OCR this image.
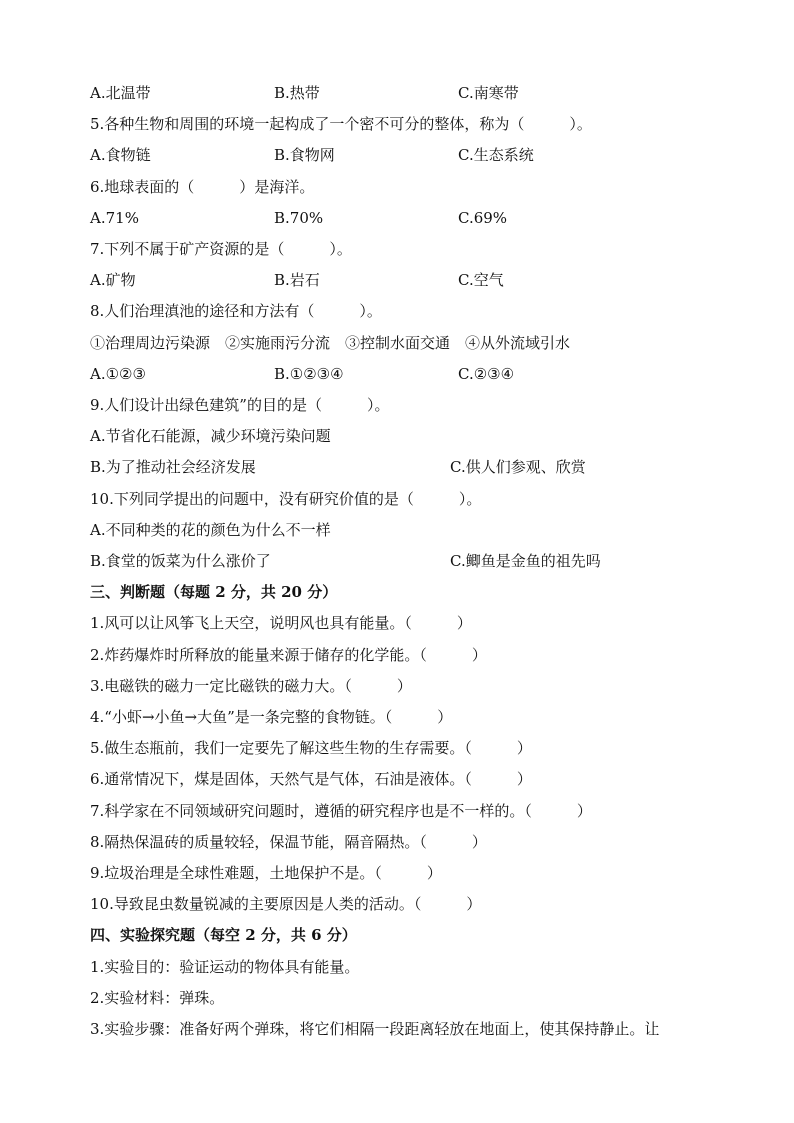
A.北温带	B.热带	C.南寒带
5.各种生物和周围的环境一起构成了一个密不可分的整体，称为（　　　）。
A.食物链	B.食物网	C.生态系统
6.地球表面的（　　　）是海洋。
A.71%	B.70%	C.69%
7.下列不属于矿产资源的是（　　　）。
A.矿物	B.岩石	C.空气
8.人们治理滇池的途径和方法有（　　　）。
①治理周边污染源　②实施雨污分流　③控制水面交通　④从外流域引水
A.①②③	B.①②③④	C.②③④
9.人们设计出绿色建筑”的目的是（　　　）。
A.节省化石能源，减少环境污染问题
B.为了推动社会经济发展	C.供人们参观、欣赏
10.下列同学提出的问题中，没有研究价值的是（　　　）。
A.不同种类的花的颜色为什么不一样
B.食堂的饭菜为什么涨价了	C.鲫鱼是金鱼的祖先吗
三、判断题（每题 2 分，共 20 分）
1.风可以让风筝飞上天空，说明风也具有能量。（　　　）
2.炸药爆炸时所释放的能量来源于储存的化学能。（　　　）
3.电磁铁的磁力一定比磁铁的磁力大。（　　　）
4.“小虾→小鱼→大鱼”是一条完整的食物链。（　　　）
5.做生态瓶前，我们一定要先了解这些生物的生存需要。（　　　）
6.通常情况下，煤是固体，天然气是气体，石油是液体。（　　　）
7.科学家在不同领域研究问题时，遵循的研究程序也是不一样的。（　　　）
8.隔热保温砖的质量较轻，保温节能，隔音隔热。（　　　）
9.垃圾治理是全球性难题，土地保护不是。（　　　）
10.导致昆虫数量锐减的主要原因是人类的活动。（　　　）
四、实验探究题（每空 2 分，共 6 分）
1.实验目的：验证运动的物体具有能量。
2.实验材料：弹珠。
3.实验步骤：准备好两个弹珠，将它们相隔一段距离轻放在地面上，使其保持静止。让
